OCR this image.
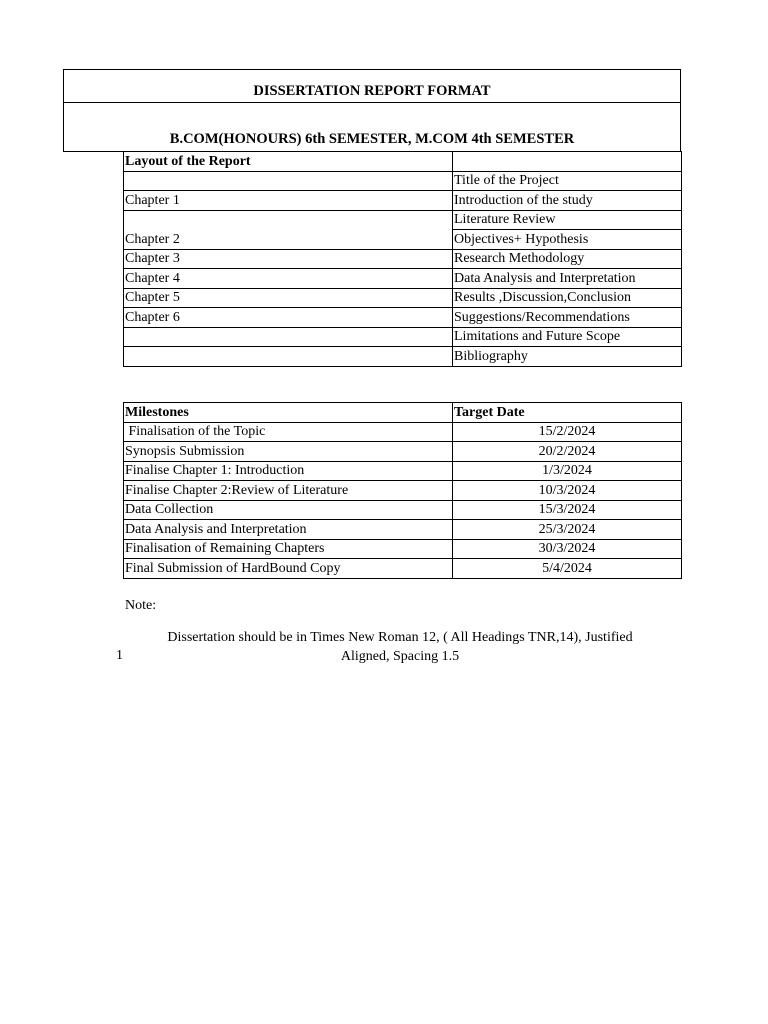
DISSERTATION REPORT FORMAT
B.COM(HONOURS) 6th SEMESTER, M.COM 4th SEMESTER
Layout of the Report	
	Title of the Project
Chapter 1	Introduction of the study
Chapter 2	Literature Review
Objectives+ Hypothesis

Chapter 3	Research Methodology
Chapter 4	Data Analysis and Interpretation
Chapter 5	Results ,Discussion,Conclusion
Chapter 6	Suggestions/Recommendations
	Limitations and Future Scope
	Bibliography
Milestones	Target Date
Finalisation of the Topic	15/2/2024
Synopsis Submission	20/2/2024
Finalise Chapter 1: Introduction	1/3/2024
Finalise Chapter 2:Review of Literature	10/3/2024
Data Collection	15/3/2024
Data Analysis and Interpretation	25/3/2024
Finalisation of Remaining Chapters	30/3/2024
Final Submission of HardBound Copy	5/4/2024
Note:
Dissertation should be in Times New Roman 12, ( All Headings TNR,14), Justified
Aligned, Spacing 1.5
1
